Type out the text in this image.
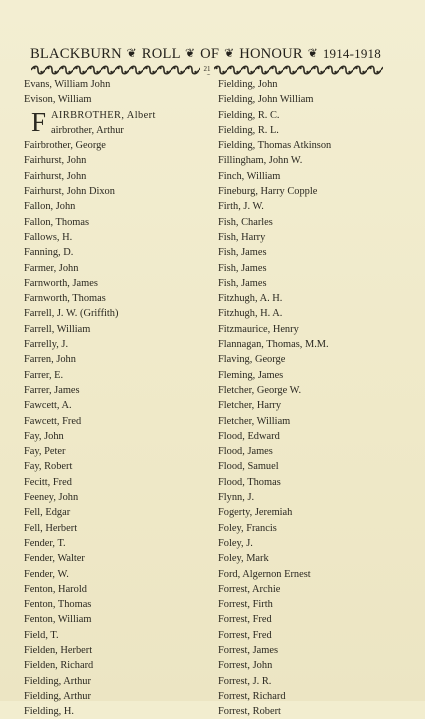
BLACKBURN ❦ ROLL ❦ OF ❦ HONOUR ❦ 1914-1918
21
Evans, William John
Evison, William
F AIRBROTHER, Albert
airbrother, Arthur
Fairbrother, George
Fairhurst, John
Fairhurst, John
Fairhurst, John Dixon
Fallon, John
Fallon, Thomas
Fallows, H.
Fanning, D.
Farmer, John
Farnworth, James
Farnworth, Thomas
Farrell, J. W. (Griffith)
Farrell, William
Farrelly, J.
Farren, John
Farrer, E.
Farrer, James
Fawcett, A.
Fawcett, Fred
Fay, John
Fay, Peter
Fay, Robert
Fecitt, Fred
Feeney, John
Fell, Edgar
Fell, Herbert
Fender, T.
Fender, Walter
Fender, W.
Fenton, Harold
Fenton, Thomas
Fenton, William
Field, T.
Fielden, Herbert
Fielden, Richard
Fielding, Arthur
Fielding, Arthur
Fielding, H.
Fielding, John
Fielding, John William
Fielding, R. C.
Fielding, R. L.
Fielding, Thomas Atkinson
Fillingham, John W.
Finch, William
Fineburg, Harry Copple
Firth, J. W.
Fish, Charles
Fish, Harry
Fish, James
Fish, James
Fish, James
Fitzhugh, A. H.
Fitzhugh, H. A.
Fitzmaurice, Henry
Flannagan, Thomas, M.M.
Flaving, George
Fleming, James
Fletcher, George W.
Fletcher, Harry
Fletcher, William
Flood, Edward
Flood, James
Flood, Samuel
Flood, Thomas
Flynn, J.
Fogerty, Jeremiah
Foley, Francis
Foley, J.
Foley, Mark
Ford, Algernon Ernest
Forrest, Archie
Forrest, Firth
Forrest, Fred
Forrest, Fred
Forrest, James
Forrest, John
Forrest, J. R.
Forrest, Richard
Forrest, Robert
